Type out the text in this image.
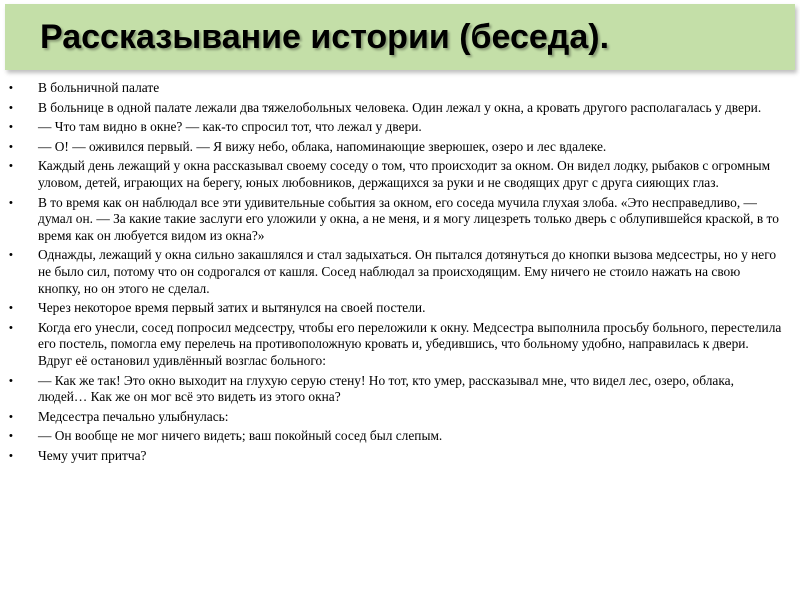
Рассказывание истории (беседа).
• В больничной палате
• В больнице в одной палате лежали два тяжелобольных человека. Один лежал у окна, а кровать другого располагалась у двери.
• — Что там видно в окне? — как-то спросил тот, что лежал у двери.
• — О! — оживился первый. — Я вижу небо, облака, напоминающие зверюшек, озеро и лес вдалеке.
• Каждый день лежащий у окна рассказывал своему соседу о том, что происходит за окном. Он видел лодку, рыбаков с огромным уловом, детей, играющих на берегу, юных любовников, держащихся за руки и не сводящих друг с друга сияющих глаз.
• В то время как он наблюдал все эти удивительные события за окном, его соседа мучила глухая злоба. «Это несправедливо, — думал он. — За какие такие заслуги его уложили у окна, а не меня, и я могу лицезреть только дверь с облупившейся краской, в то время как он любуется видом из окна?»
• Однажды, лежащий у окна сильно закашлялся и стал задыхаться. Он пытался дотянуться до кнопки вызова медсестры, но у него не было сил, потому что он содрогался от кашля. Сосед наблюдал за происходящим. Ему ничего не стоило нажать на свою кнопку, но он этого не сделал.
• Через некоторое время первый затих и вытянулся на своей постели.
• Когда его унесли, сосед попросил медсестру, чтобы его переложили к окну. Медсестра выполнила просьбу больного, перестелила его постель, помогла ему перелечь на противоположную кровать и, убедившись, что больному удобно, направилась к двери. Вдруг её остановил удивлённый возглас больного:
• — Как же так! Это окно выходит на глухую серую стену! Но тот, кто умер, рассказывал мне, что видел лес, озеро, облака, людей… Как же он мог всё это видеть из этого окна?
• Медсестра печально улыбнулась:
• — Он вообще не мог ничего видеть; ваш покойный сосед был слепым.
• Чему учит притча?
